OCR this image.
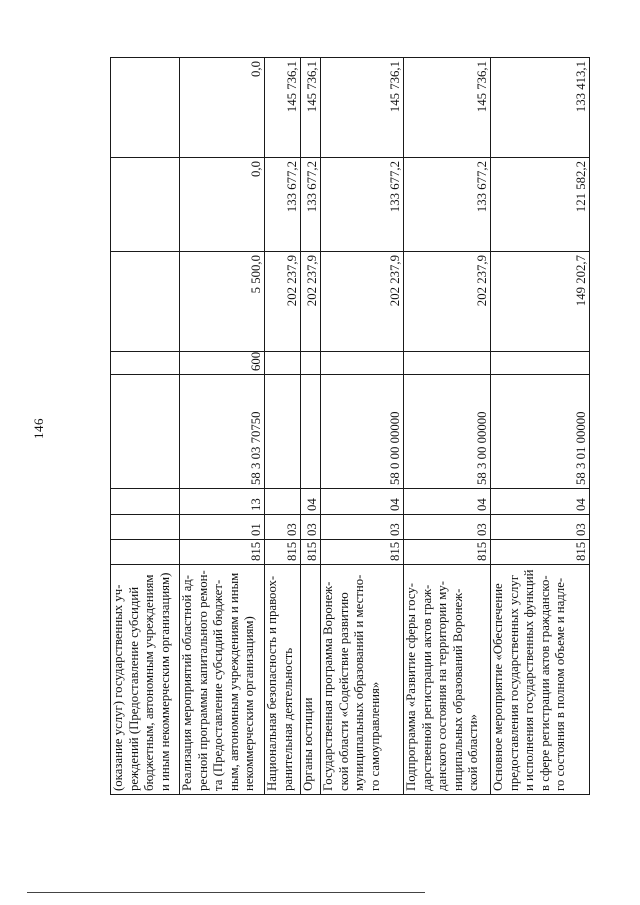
146
(оказание услуг) государственных уч-реждений (Предоставление субсидий бюджетным, автономным учреждениям и иным некоммерческим организациям)								
Реализация мероприятий областной ад-ресной программы капитального ремон-та (Предоставление субсидий бюджет-ным, автономным учреждениям и иным некоммерческим организациям)	815	01	13	58 3 03 70750	600	5 500,0	0,0	0,0
Национальная безопасность и правоох-ранительная деятельность	815	03				202 237,9	133 677,2	145 736,1
Органы юстиции	815	03	04			202 237,9	133 677,2	145 736,1
Государственная программа Воронеж-ской области «Содействие развитию муниципальных образований и местно-го самоуправления»	815	03	04	58 0 00 00000		202 237,9	133 677,2	145 736,1
Подпрограмма «Развитие сферы госу-дарственной регистрации актов граж-данского состояния на территории му-ниципальных образований Воронеж-ской области»	815	03	04	58 3 00 00000		202 237,9	133 677,2	145 736,1
Основное мероприятие «Обеспечение предоставления государственных услуг и исполнения государственных функций в сфере регистрации актов гражданско-го состояния в полном объеме и надле-	815	03	04	58 3 01 00000		149 202,7	121 582,2	133 413,1
